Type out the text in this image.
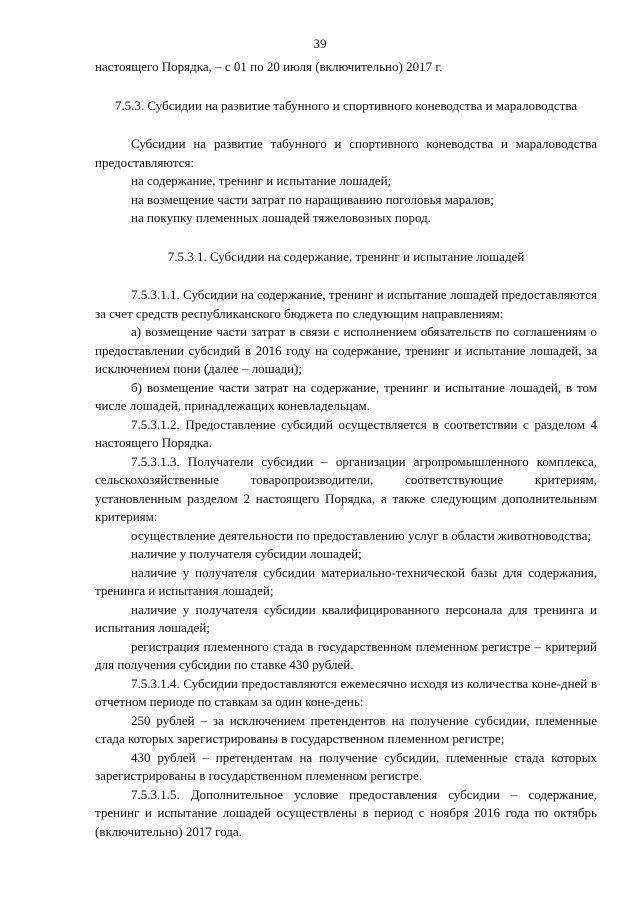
39

настоящего Порядка, – с 01 по 20 июля (включительно) 2017 г.

7.5.3. Субсидии на развитие табунного и спортивного коневодства и мараловодства

Субсидии на развитие табунного и спортивного коневодства и мараловодства предоставляются:

на содержание, тренинг и испытание лошадей;

на возмещение части затрат по наращиванию поголовья маралов;

на покупку племенных лошадей тяжеловозных пород.

7.5.3.1. Субсидии на содержание, тренинг и испытание лошадей

7.5.3.1.1. Субсидии на содержание, тренинг и испытание лошадей предоставляются за счет средств республиканского бюджета по следующим направлениям:

а) возмещение части затрат в связи с исполнением обязательств по соглашениям о предоставлении субсидий в 2016 году на содержание, тренинг и испытание лошадей, за исключением пони (далее – лошади);

б) возмещение части затрат на содержание, тренинг и испытание лошадей, в том числе лошадей, принадлежащих коневладельцам.

7.5.3.1.2. Предоставление субсидий осуществляется в соответствии с разделом 4 настоящего Порядка.

7.5.3.1.3. Получатели субсидии – организации агропромышленного комплекса, сельскохозяйственные товаропроизводители, соответствующие критериям, установленным разделом 2 настоящего Порядка, а также следующим дополнительным критериям:

осуществление деятельности по предоставлению услуг в области животноводства;

наличие у получателя субсидии лошадей;

наличие у получателя субсидии материально-технической базы для содержания, тренинга и испытания лошадей;

наличие у получателя субсидии квалифицированного персонала для тренинга и испытания лошадей;

регистрация племенного стада в государственном племенном регистре – критерий для получения субсидии по ставке 430 рублей.

7.5.3.1.4. Субсидии предоставляются ежемесячно исходя из количества коне-дней в отчетном периоде по ставкам за один коне-день:

250 рублей – за исключением претендентов на получение субсидии, племенные стада которых зарегистрированы в государственном племенном регистре;

430 рублей – претендентам на получение субсидии, племенные стада которых зарегистрированы в государственном племенном регистре.

7.5.3.1.5. Дополнительное условие предоставления субсидии – содержание, тренинг и испытание лошадей осуществлены в период с ноября 2016 года по октябрь (включительно) 2017 года.
